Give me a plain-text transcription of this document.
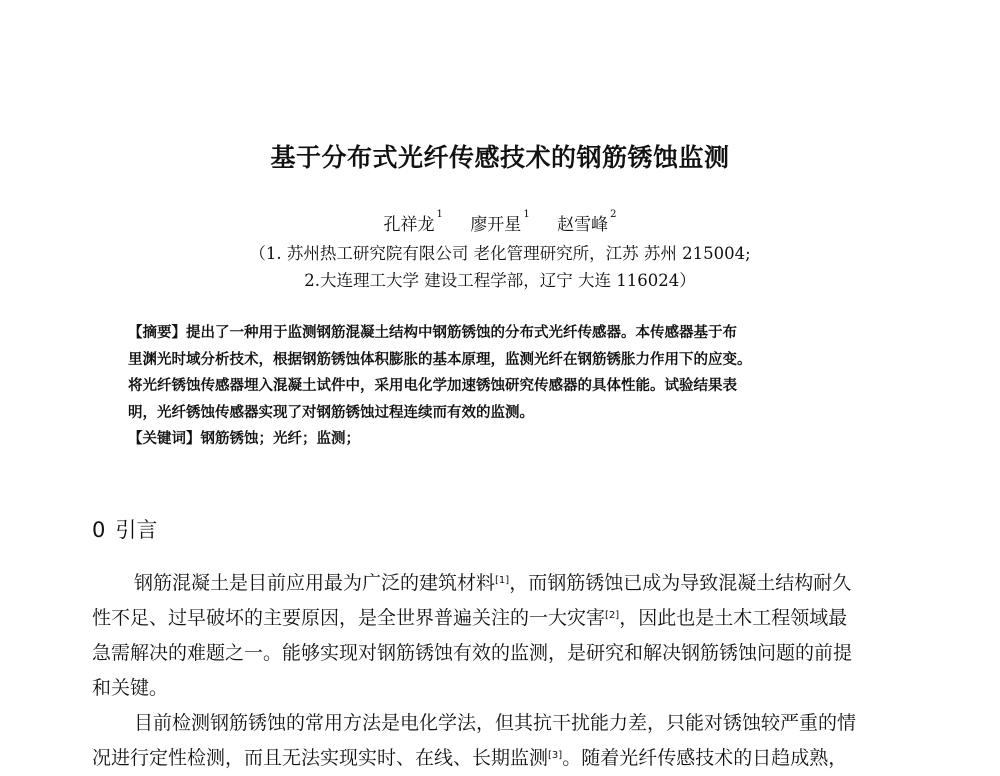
基于分布式光纤传感技术的钢筋锈蚀监测
孔祥龙$^1$ 廖开星$^1$ 赵雪峰$^2$
（1. 苏州热工研究院有限公司 老化管理研究所，江苏 苏州 215004;
2.大连理工大学 建设工程学部，辽宁 大连 116024）
【摘要】提出了一种用于监测钢筋混凝土结构中钢筋锈蚀的分布式光纤传感器。本传感器基于布
里渊光时域分析技术，根据钢筋锈蚀体积膨胀的基本原理，监测光纤在钢筋锈胀力作用下的应变。
将光纤锈蚀传感器埋入混凝土试件中，采用电化学加速锈蚀研究传感器的具体性能。试验结果表
明，光纤锈蚀传感器实现了对钢筋锈蚀过程连续而有效的监测。
【关键词】钢筋锈蚀；光纤；监测；
0 引言
钢筋混凝土是目前应用最为广泛的建筑材料[1]，而钢筋锈蚀已成为导致混凝土结构耐久
性不足、过早破坏的主要原因，是全世界普遍关注的一大灾害[2]，因此也是土木工程领域最
急需解决的难题之一。能够实现对钢筋锈蚀有效的监测，是研究和解决钢筋锈蚀问题的前提
和关键。
目前检测钢筋锈蚀的常用方法是电化学法，但其抗干扰能力差，只能对锈蚀较严重的情
况进行定性检测，而且无法实现实时、在线、长期监测[3]。随着光纤传感技术的日趋成熟，
